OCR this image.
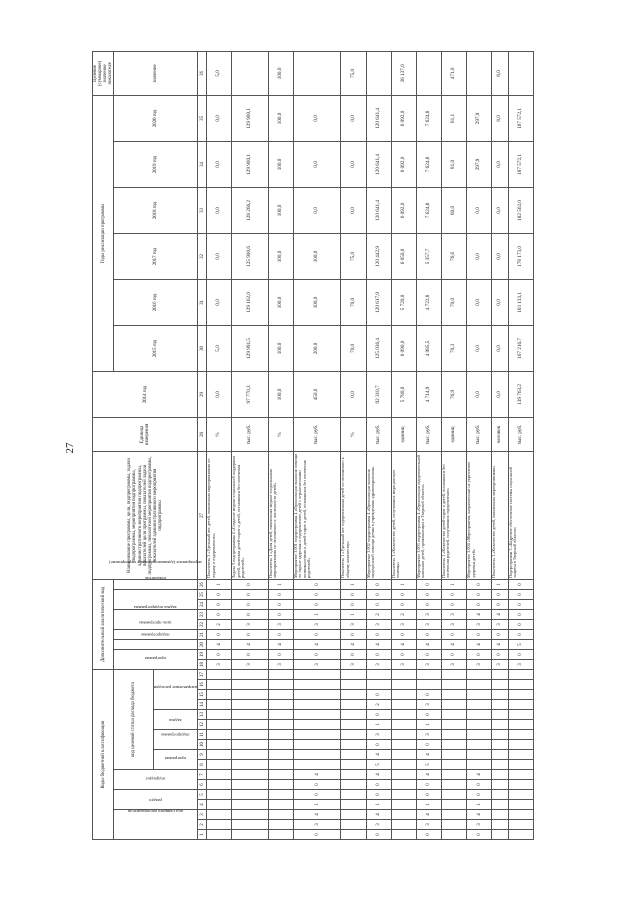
27
Коды бюджетной классификации																	Дополнительный аналитический код									Наименование программы, цели, подпрограммы, задачи подпрограммы, мероприятия подпрограммы, административного мероприятия подпрограммы, показателей цели программы, показателей задачи подпрограммы, показателей мероприятия подпрограммы, показателей административного мероприятия подпрограммы	Единица измерения	2014 год	Годы реализации программы						Целевое (суммарное) значение показателя	
код главного распорядителя			раздел		подраздел		код целевой статьи расхода бюджета										программа		подпрограмма	цель программы	задача подпрограммы		мероприятие (административное мероприятие)		показатель				2015 год	2016 год	2017 год	2018 год	2019 год	2020 год	значение	
							программа		подпрограмма		задача		направление расходов																							
1	2	3	4	5	6	7	8	9	10	11	12	13	14	15	16	17	18	19	20	21	22	23	24	25	26	27	28	29	30	31	32	33	34	35	36	
																	3	0	4	0	2	0	0	0	1	Показатель 3 «Удельный вес детей, охваченных мероприятиями по отдыху и оздоровлению»	%	0,0	5,0	0,0	0,0	0,0	0,0	0,0	5,0	
																	3	0	4	0	3	0	0	0	0	Задача 3 подпрограммы 4 «Создание медико-социальной поддержки детей, включая детей-сирот и детей, оставшихся без попечения родителей»	тыс. руб.	97 770,3	129 991,5	129 162,0	125 900,6	128 266,2	129 900,1	129 900,1		
																	3	0	4	0	3	0	0	0	1	Показатель 1 «Доля детей, охваченных медико-социальными мероприятиями по отношению к численности детей»	%	100,0	100,0	100,0	100,0	100,0	100,0	100,0	100,0	
0	3	4	1	0	0	4											3	0	4	0	3	1	0	0	0	Мероприятие 3.001 подпрограммы 4 «Организация оказания помощи по охране здоровья и оздоровлению детей с ограниченными возможностями и детей-сирот и детей, оставшихся без попечения родителей»	тыс. руб.	450,0	200,0	100,0	100,0	0,0	0,0	0,0		
																	3	0	4	0	3	1	0	0	1	Показатель 1 «Удельный вес оздоровленных детей по отношению к общему количеству»	%	0,0	70,0	70,0	75,0	0,0	0,0	0,0	75,0	
0	3	4	1	0	0	4	5	4	0	3	1	0	2	0			3	0	4	0	3	2	0	0	0	Мероприятие 3.002 подпрограммы 4 «Организация оказания медицинской помощи детям в учреждениях здравоохранения»	тыс. руб.	92 310,7	125 036,4	120 617,9	120 442,9	120 641,4	120 641,4	120 641,4		
																	3	0	4	0	3	2	0	0	1	Показатель 1 «Количество детей, получивших медицинскую помощь»	единиц	5 780,0	6 090,0	5 720,0	6 050,0	6 092,0	6 092,0	6 092,0	36 137,0	
0	3	4	1	0	0	4	5	4	0	3	1	0	3	0			3	0	4	0	3	3	0	0	0	Мероприятие 3.003 подпрограммы 4 «Организация оздоровительной кампании детей, проживающих в Тверской области»	тыс. руб.	4 714,9	4 085,5	4 722,8	5 357,7	7 624,8	7 624,8	7 624,8		
																	3	0	4	0	3	3	0	0	1	Показатель 1 «Количество детей-сирот и детей, оставшихся без попечения родителей, получивших оздоровление»	единиц	76,9	70,3	70,0	76,6	80,0	81,0	81,1	471,0	
0	3	4	1	0	0	4											3	0	4	0	3	4	0	0	0	Мероприятие 3.004 «Мероприятия, направленные на укрепление здоровья детей»	тыс. руб.	0,0	0,0	0,0	0,0	0,0	297,9	297,9		
																	3	0	4	0	3	4	0	0	1	Показатель 1 «Количество детей, охваченных мероприятиями»	человек	0,0	0,0	0,0	0,0	0,0	0,0	8,0	8,0	
																	3	0	5	0	0	0	0	0	0	Подпрограмма 5 «Кадровое обеспечение системы социальной защиты в Тверской области»	тыс. руб.	139 763,2	167 216,7	163 133,1	178 173,0	182 562,0	187 572,1	187 572,1		
